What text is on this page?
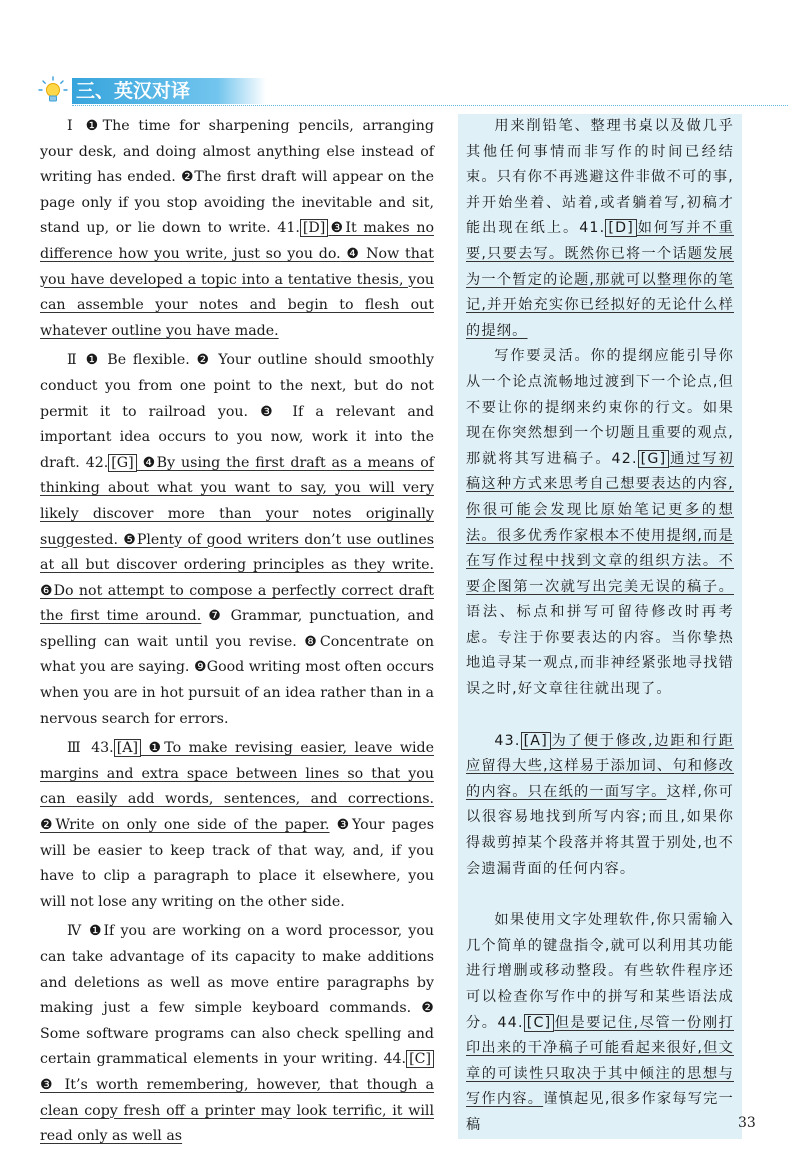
三、英汉对译

Ⅰ ❶The time for sharpening pencils, arranging your desk, and doing almost anything else instead of writing has ended. ❷The first draft will appear on the page only if you stop avoiding the inevitable and sit, stand up, or lie down to write. 41. [D] ❸It makes no difference how you write, just so you do. ❹ Now that you have developed a topic into a tentative thesis, you can assemble your notes and begin to flesh out whatever outline you have made.

Ⅱ ❶ Be flexible. ❷ Your outline should smoothly conduct you from one point to the next, but do not permit it to railroad you. ❸ If a relevant and important idea occurs to you now, work it into the draft. 42. [G] ❹By using the first draft as a means of thinking about what you want to say, you will very likely discover more than your notes originally suggested. ❺Plenty of good writers don’t use outlines at all but discover ordering principles as they write. ❻Do not attempt to compose a perfectly correct draft the first time around. ❼ Grammar, punctuation, and spelling can wait until you revise. ❽Concentrate on what you are saying. ❾Good writing most often occurs when you are in hot pursuit of an idea rather than in a nervous search for errors.

Ⅲ 43. [A] ❶To make revising easier, leave wide margins and extra space between lines so that you can easily add words, sentences, and corrections. ❷Write on only one side of the paper. ❸Your pages will be easier to keep track of that way, and, if you have to clip a paragraph to place it elsewhere, you will not lose any writing on the other side.

Ⅳ ❶If you are working on a word processor, you can take advantage of its capacity to make additions and deletions as well as move entire paragraphs by making just a few simple keyboard commands. ❷ Some software programs can also check spelling and certain grammatical elements in your writing. 44. [C] ❸ It’s worth remembering, however, that though a clean copy fresh off a printer may look terrific, it will read only as well as

用来削铅笔、整理书桌以及做几乎其他任何事情而非写作的时间已经结束。只有你不再逃避这件非做不可的事,并开始坐着、站着,或者躺着写,初稿才能出现在纸上。41. [D] 如何写并不重要,只要去写。既然你已将一个话题发展为一个暂定的论题,那就可以整理你的笔记,并开始充实你已经拟好的无论什么样的提纲。

写作要灵活。你的提纲应能引导你从一个论点流畅地过渡到下一个论点,但不要让你的提纲来约束你的行文。如果现在你突然想到一个切题且重要的观点,那就将其写进稿子。42. [G] 通过写初稿这种方式来思考自己想要表达的内容,你很可能会发现比原始笔记更多的想法。很多优秀作家根本不使用提纲,而是在写作过程中找到文章的组织方法。不要企图第一次就写出完美无误的稿子。语法、标点和拼写可留待修改时再考虑。专注于你要表达的内容。当你挚热地追寻某一观点,而非神经紧张地寻找错误之时,好文章往往就出现了。

43. [A] 为了便于修改,边距和行距应留得大些,这样易于添加词、句和修改的内容。只在纸的一面写字。这样,你可以很容易地找到所写内容;而且,如果你得裁剪掉某个段落并将其置于别处,也不会遗漏背面的任何内容。

如果使用文字处理软件,你只需输入几个简单的键盘指令,就可以利用其功能进行增删或移动整段。有些软件程序还可以检查你写作中的拼写和某些语法成分。44. [C] 但是要记住,尽管一份刚打印出来的干净稿子可能看起来很好,但文章的可读性只取决于其中倾注的思想与写作内容。谨慎起见,很多作家每写完一稿	33
